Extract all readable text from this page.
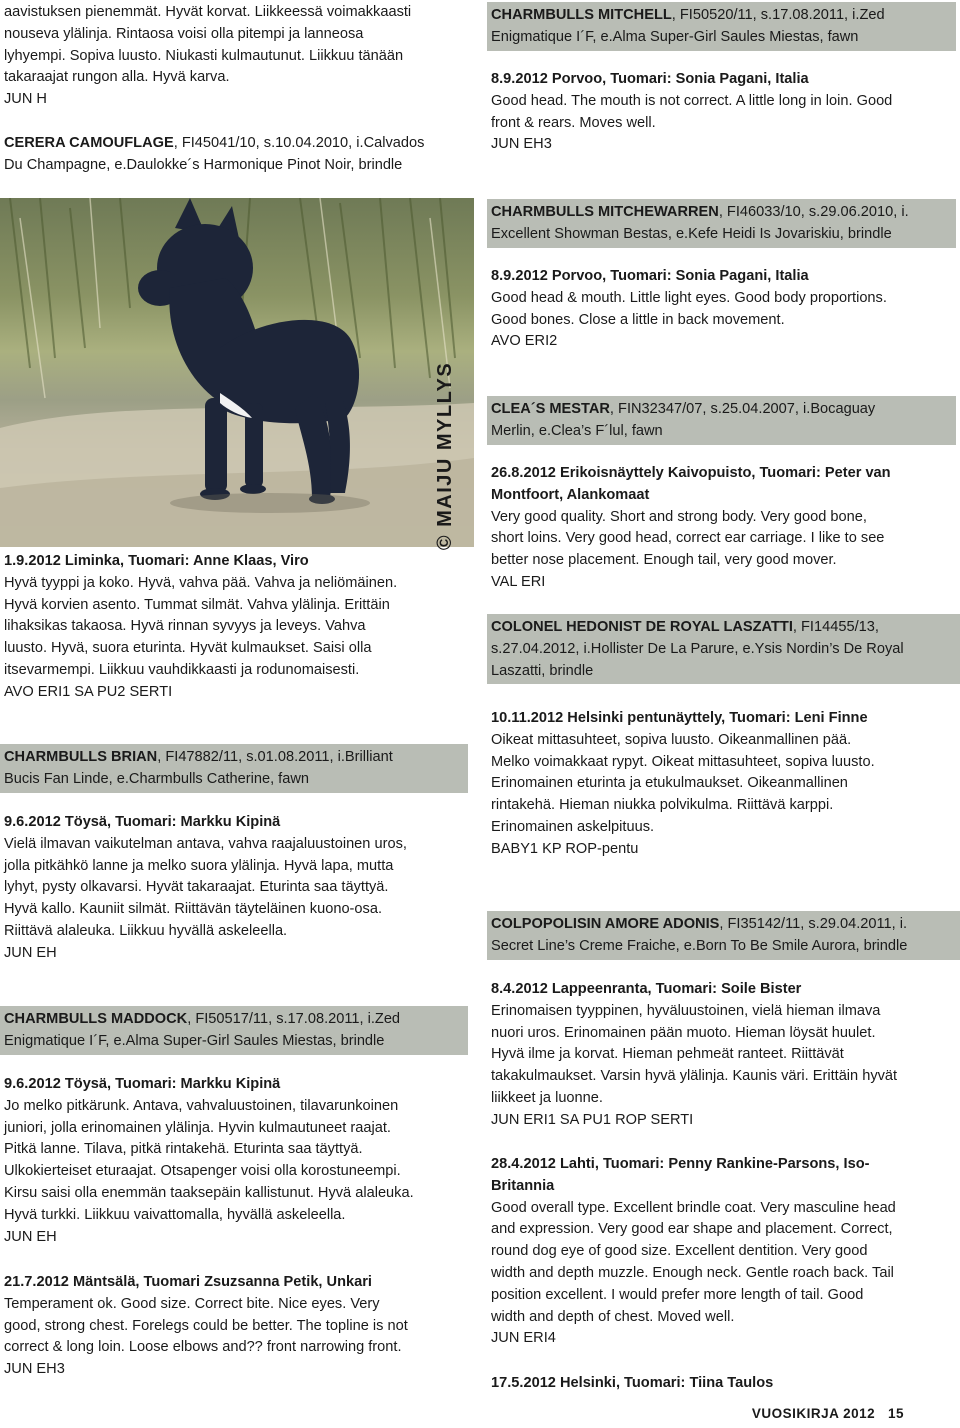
aavistuksen pienemmät. Hyvät korvat. Liikkeessä voimakkaasti
nouseva ylälinja. Rintaosa voisi olla pitempi ja lanneosa
lyhyempi. Sopiva luusto. Niukasti kulmautunut. Liikkuu tänään
takaraajat rungon alla. Hyvä karva.
JUN H
CERERA CAMOUFLAGE, FI45041/10, s.10.04.2010, i.Calvados
Du Champagne, e.Daulokke´s Harmonique Pinot Noir, brindle
© MAIJU MYLLYS
1.9.2012 Liminka, Tuomari: Anne Klaas, Viro
Hyvä tyyppi ja koko. Hyvä, vahva pää. Vahva ja neliömäinen.
Hyvä korvien asento. Tummat silmät. Vahva ylälinja. Erittäin
lihaksikas takaosa. Hyvä rinnan syvyys ja leveys. Vahva
luusto. Hyvä, suora eturinta. Hyvät kulmaukset. Saisi olla
itsevarmempi. Liikkuu vauhdikkaasti ja rodunomaisesti.
AVO ERI1 SA PU2 SERTI
CHARMBULLS BRIAN, FI47882/11, s.01.08.2011, i.Brilliant
Bucis Fan Linde, e.Charmbulls Catherine, fawn
9.6.2012 Töysä, Tuomari: Markku Kipinä
Vielä ilmavan vaikutelman antava, vahva raajaluustoinen uros,
jolla pitkähkö lanne ja melko suora ylälinja. Hyvä lapa, mutta
lyhyt, pysty olkavarsi. Hyvät takaraajat. Eturinta saa täyttyä.
Hyvä kallo. Kauniit silmät. Riittävän täyteläinen kuono-osa.
Riittävä alaleuka. Liikkuu hyvällä askeleella.
JUN EH
CHARMBULLS MADDOCK, FI50517/11, s.17.08.2011, i.Zed
Enigmatique I´F, e.Alma Super-Girl Saules Miestas, brindle
9.6.2012 Töysä, Tuomari: Markku Kipinä
Jo melko pitkärunk. Antava, vahvaluustoinen, tilavarunkoinen
juniori, jolla erinomainen ylälinja. Hyvin kulmautuneet raajat.
Pitkä lanne. Tilava, pitkä rintakehä. Eturinta saa täyttyä.
Ulkokierteiset eturaajat. Otsapenger voisi olla korostuneempi.
Kirsu saisi olla enemmän taaksepäin kallistunut. Hyvä alaleuka.
Hyvä turkki. Liikkuu vaivattomalla, hyvällä askeleella.
JUN EH
21.7.2012 Mäntsälä, Tuomari Zsuzsanna Petik, Unkari
Temperament ok. Good size. Correct bite. Nice eyes. Very
good, strong chest. Forelegs could be better. The topline is not
correct & long loin. Loose elbows and?? front narrowing front.
JUN EH3
CHARMBULLS MITCHELL, FI50520/11, s.17.08.2011, i.Zed
Enigmatique I´F, e.Alma Super-Girl Saules Miestas, fawn
8.9.2012 Porvoo, Tuomari: Sonia Pagani, Italia
Good head. The mouth is not correct. A little long in loin. Good
front & rears. Moves well.
JUN EH3
CHARMBULLS MITCHEWARREN, FI46033/10, s.29.06.2010, i.
Excellent Showman Bestas, e.Kefe Heidi Is Jovariskiu, brindle
8.9.2012 Porvoo, Tuomari: Sonia Pagani, Italia
Good head & mouth. Little light eyes. Good body proportions.
Good bones. Close a little in back movement.
AVO ERI2
CLEA´S MESTAR, FIN32347/07, s.25.04.2007, i.Bocaguay
Merlin, e.Clea’s F´lul, fawn
26.8.2012 Erikoisnäyttely Kaivopuisto, Tuomari: Peter van
Montfoort, Alankomaat
Very good quality. Short and strong body. Very good bone,
short loins. Very good head, correct ear carriage. I like to see
better nose placement. Enough tail, very good mover.
VAL ERI
COLONEL HEDONIST DE ROYAL LASZATTI, FI14455/13,
s.27.04.2012, i.Hollister De La Parure, e.Ysis Nordin’s De Royal
Laszatti, brindle
10.11.2012 Helsinki pentunäyttely, Tuomari: Leni Finne
Oikeat mittasuhteet, sopiva luusto. Oikeanmallinen pää.
Melko voimakkaat rypyt. Oikeat mittasuhteet, sopiva luusto.
Erinomainen eturinta ja etukulmaukset. Oikeanmallinen
rintakehä. Hieman niukka polvikulma. Riittävä karppi.
Erinomainen askelpituus.
BABY1 KP ROP-pentu
COLPOPOLISIN AMORE ADONIS, FI35142/11, s.29.04.2011, i.
Secret Line’s Creme Fraiche, e.Born To Be Smile Aurora, brindle
8.4.2012 Lappeenranta, Tuomari: Soile Bister
Erinomaisen tyyppinen, hyväluustoinen, vielä hieman ilmava
nuori uros. Erinomainen pään muoto. Hieman löysät huulet.
Hyvä ilme ja korvat. Hieman pehmeät ranteet. Riittävät
takakulmaukset. Varsin hyvä ylälinja. Kaunis väri. Erittäin hyvät
liikkeet ja luonne.
JUN ERI1 SA PU1 ROP SERTI
28.4.2012 Lahti, Tuomari: Penny Rankine-Parsons, Iso-
Britannia
Good overall type. Excellent brindle coat. Very masculine head
and expression. Very good ear shape and placement. Correct,
round dog eye of good size. Excellent dentition. Very good
width and depth muzzle. Enough neck. Gentle roach back. Tail
position excellent. I would prefer more length of tail. Good
width and depth of chest. Moved well.
JUN ERI4
17.5.2012 Helsinki, Tuomari: Tiina Taulos
VUOSIKIRJA 2012 15
